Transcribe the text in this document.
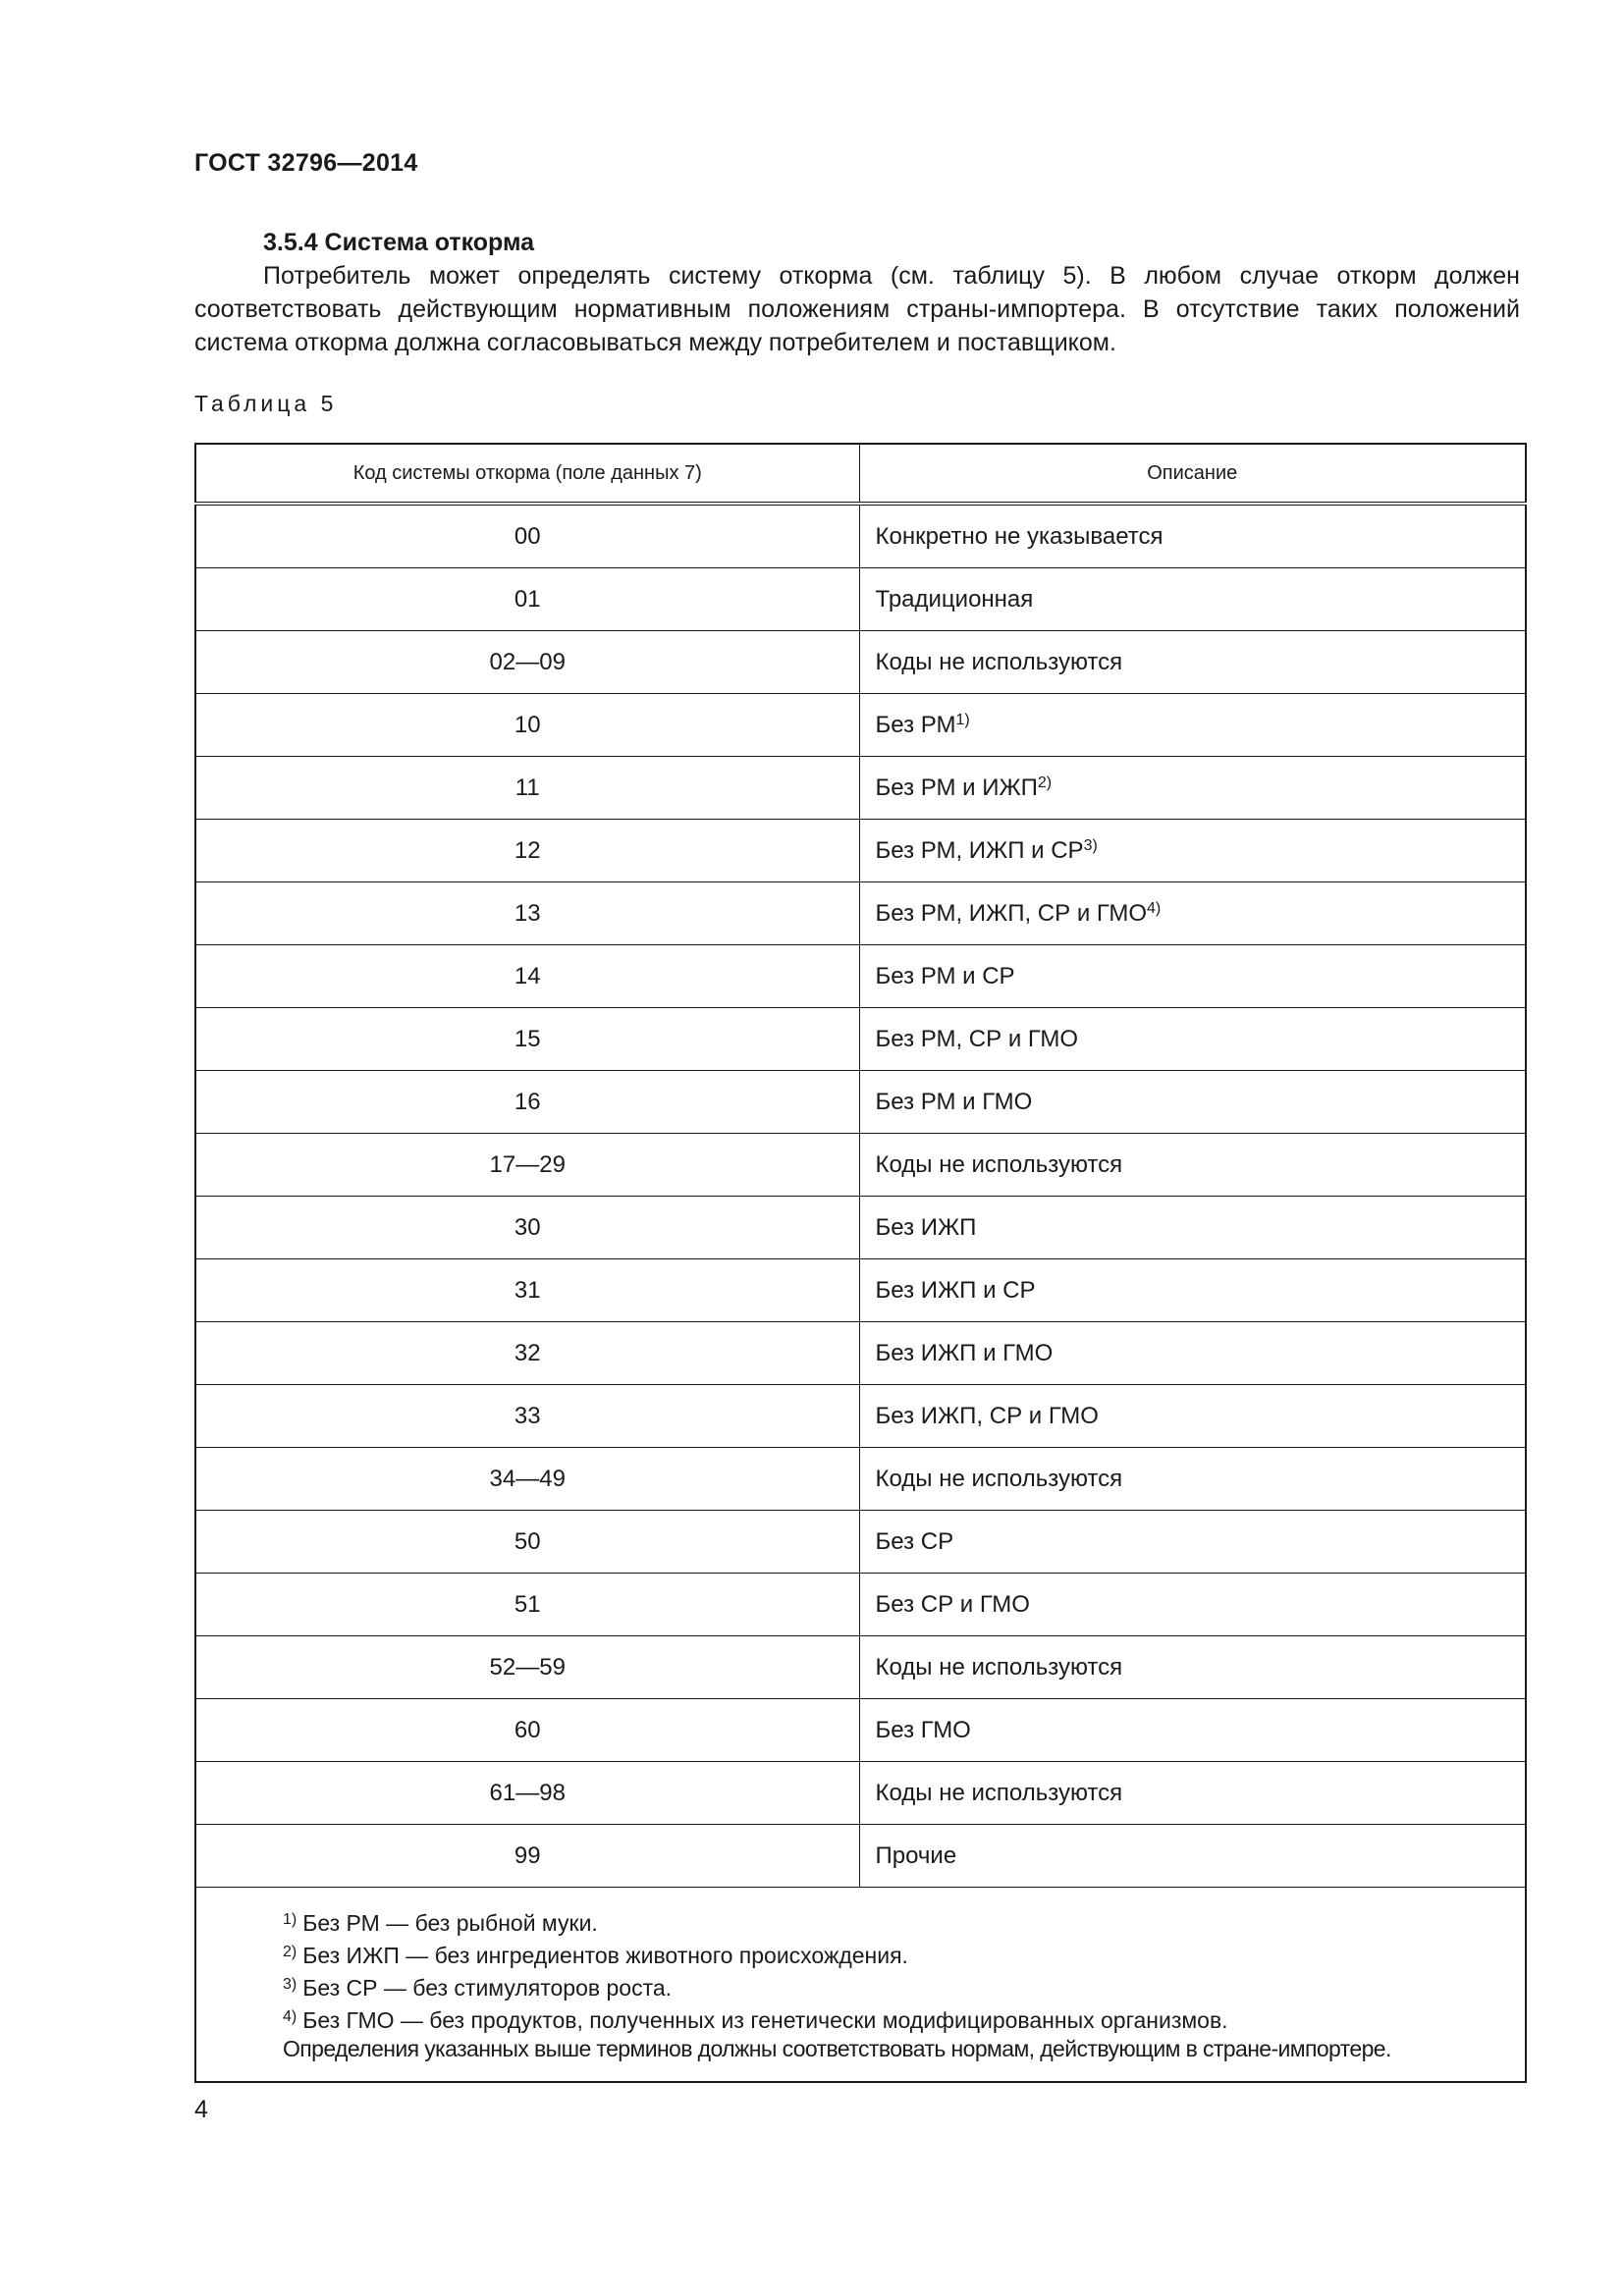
ГОСТ 32796—2014

3.5.4 Система откорма

Потребитель может определять систему откорма (см. таблицу 5). В любом случае откорм должен соответствовать действующим нормативным положениям страны-импортера. В отсутствие таких положений система откорма должна согласовываться между потребителем и поставщиком.

Таблица 5
Код системы откорма (поле данных 7)	Описание
00	Конкретно не указывается
01	Традиционная
02—09	Коды не используются
10	Без РМ$^{1)}$
11	Без РМ и ИЖП$^{2)}$
12	Без РМ, ИЖП и СР$^{3)}$
13	Без РМ, ИЖП, СР и ГМО$^{4)}$
14	Без РМ и СР
15	Без РМ, СР и ГМО
16	Без РМ и ГМО
17—29	Коды не используются
30	Без ИЖП
31	Без ИЖП и СР
32	Без ИЖП и ГМО
33	Без ИЖП, СР и ГМО
34—49	Коды не используются
50	Без СР
51	Без СР и ГМО
52—59	Коды не используются
60	Без ГМО
61—98	Коды не используются
99	Прочие

$^{1)}$ Без РМ — без рыбной муки.
$^{2)}$ Без ИЖП — без ингредиентов животного происхождения.
$^{3)}$ Без СР — без стимуляторов роста.
$^{4)}$ Без ГМО — без продуктов, полученных из генетически модифицированных организмов.
Определения указанных выше терминов должны соответствовать нормам, действующим в стране-импортере.	
4
